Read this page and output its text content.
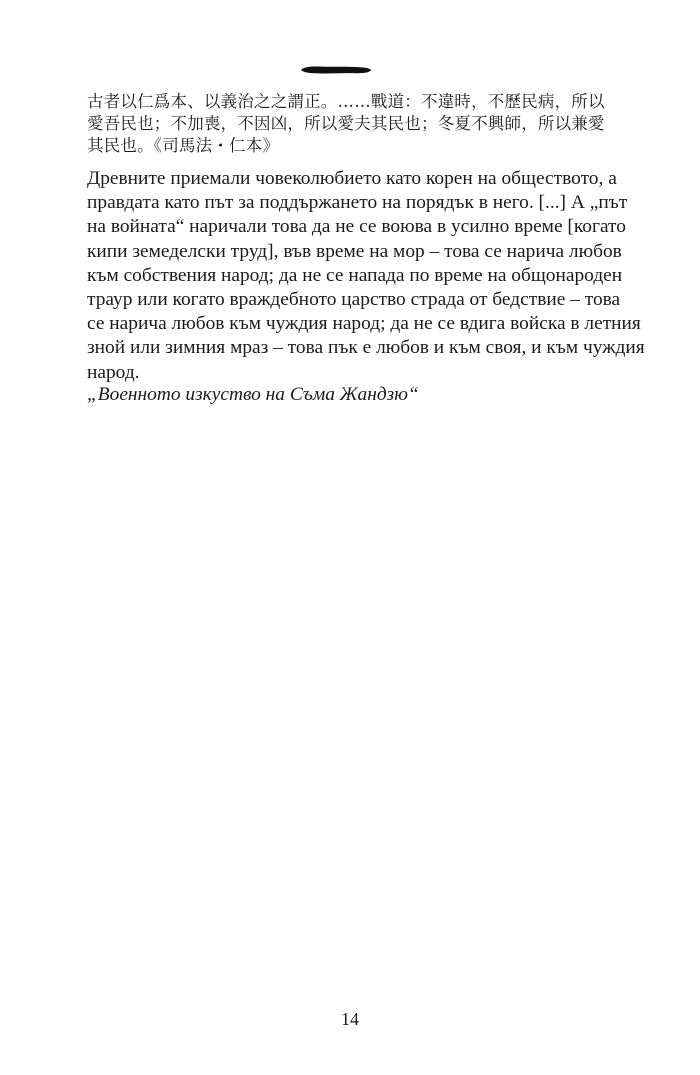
古者以仁爲本、以義治之之謂正。……戰道：不違時，不歷民病，所以
愛吾民也；不加喪，不因凶，所以愛夫其民也；冬夏不興師，所以兼愛
其民也。《司馬法・仁本》
Древните приемали човеколюбието като корен на обществото, а
правдата като път за поддържането на порядък в него. [...] А „път
на войната“ наричали това да не се воюва в усилно време [когато
кипи земеделски труд], във време на мор – това се нарича любов
към собствения народ; да не се напада по време на общонароден
траур или когато враждебното царство страда от бедствие – това
се нарича любов към чуждия народ; да не се вдига войска в летния
зной или зимния мраз – това пък е любов и към своя, и към чуждия
народ.

„Военното изкуство на Съма Жандзю“

14
